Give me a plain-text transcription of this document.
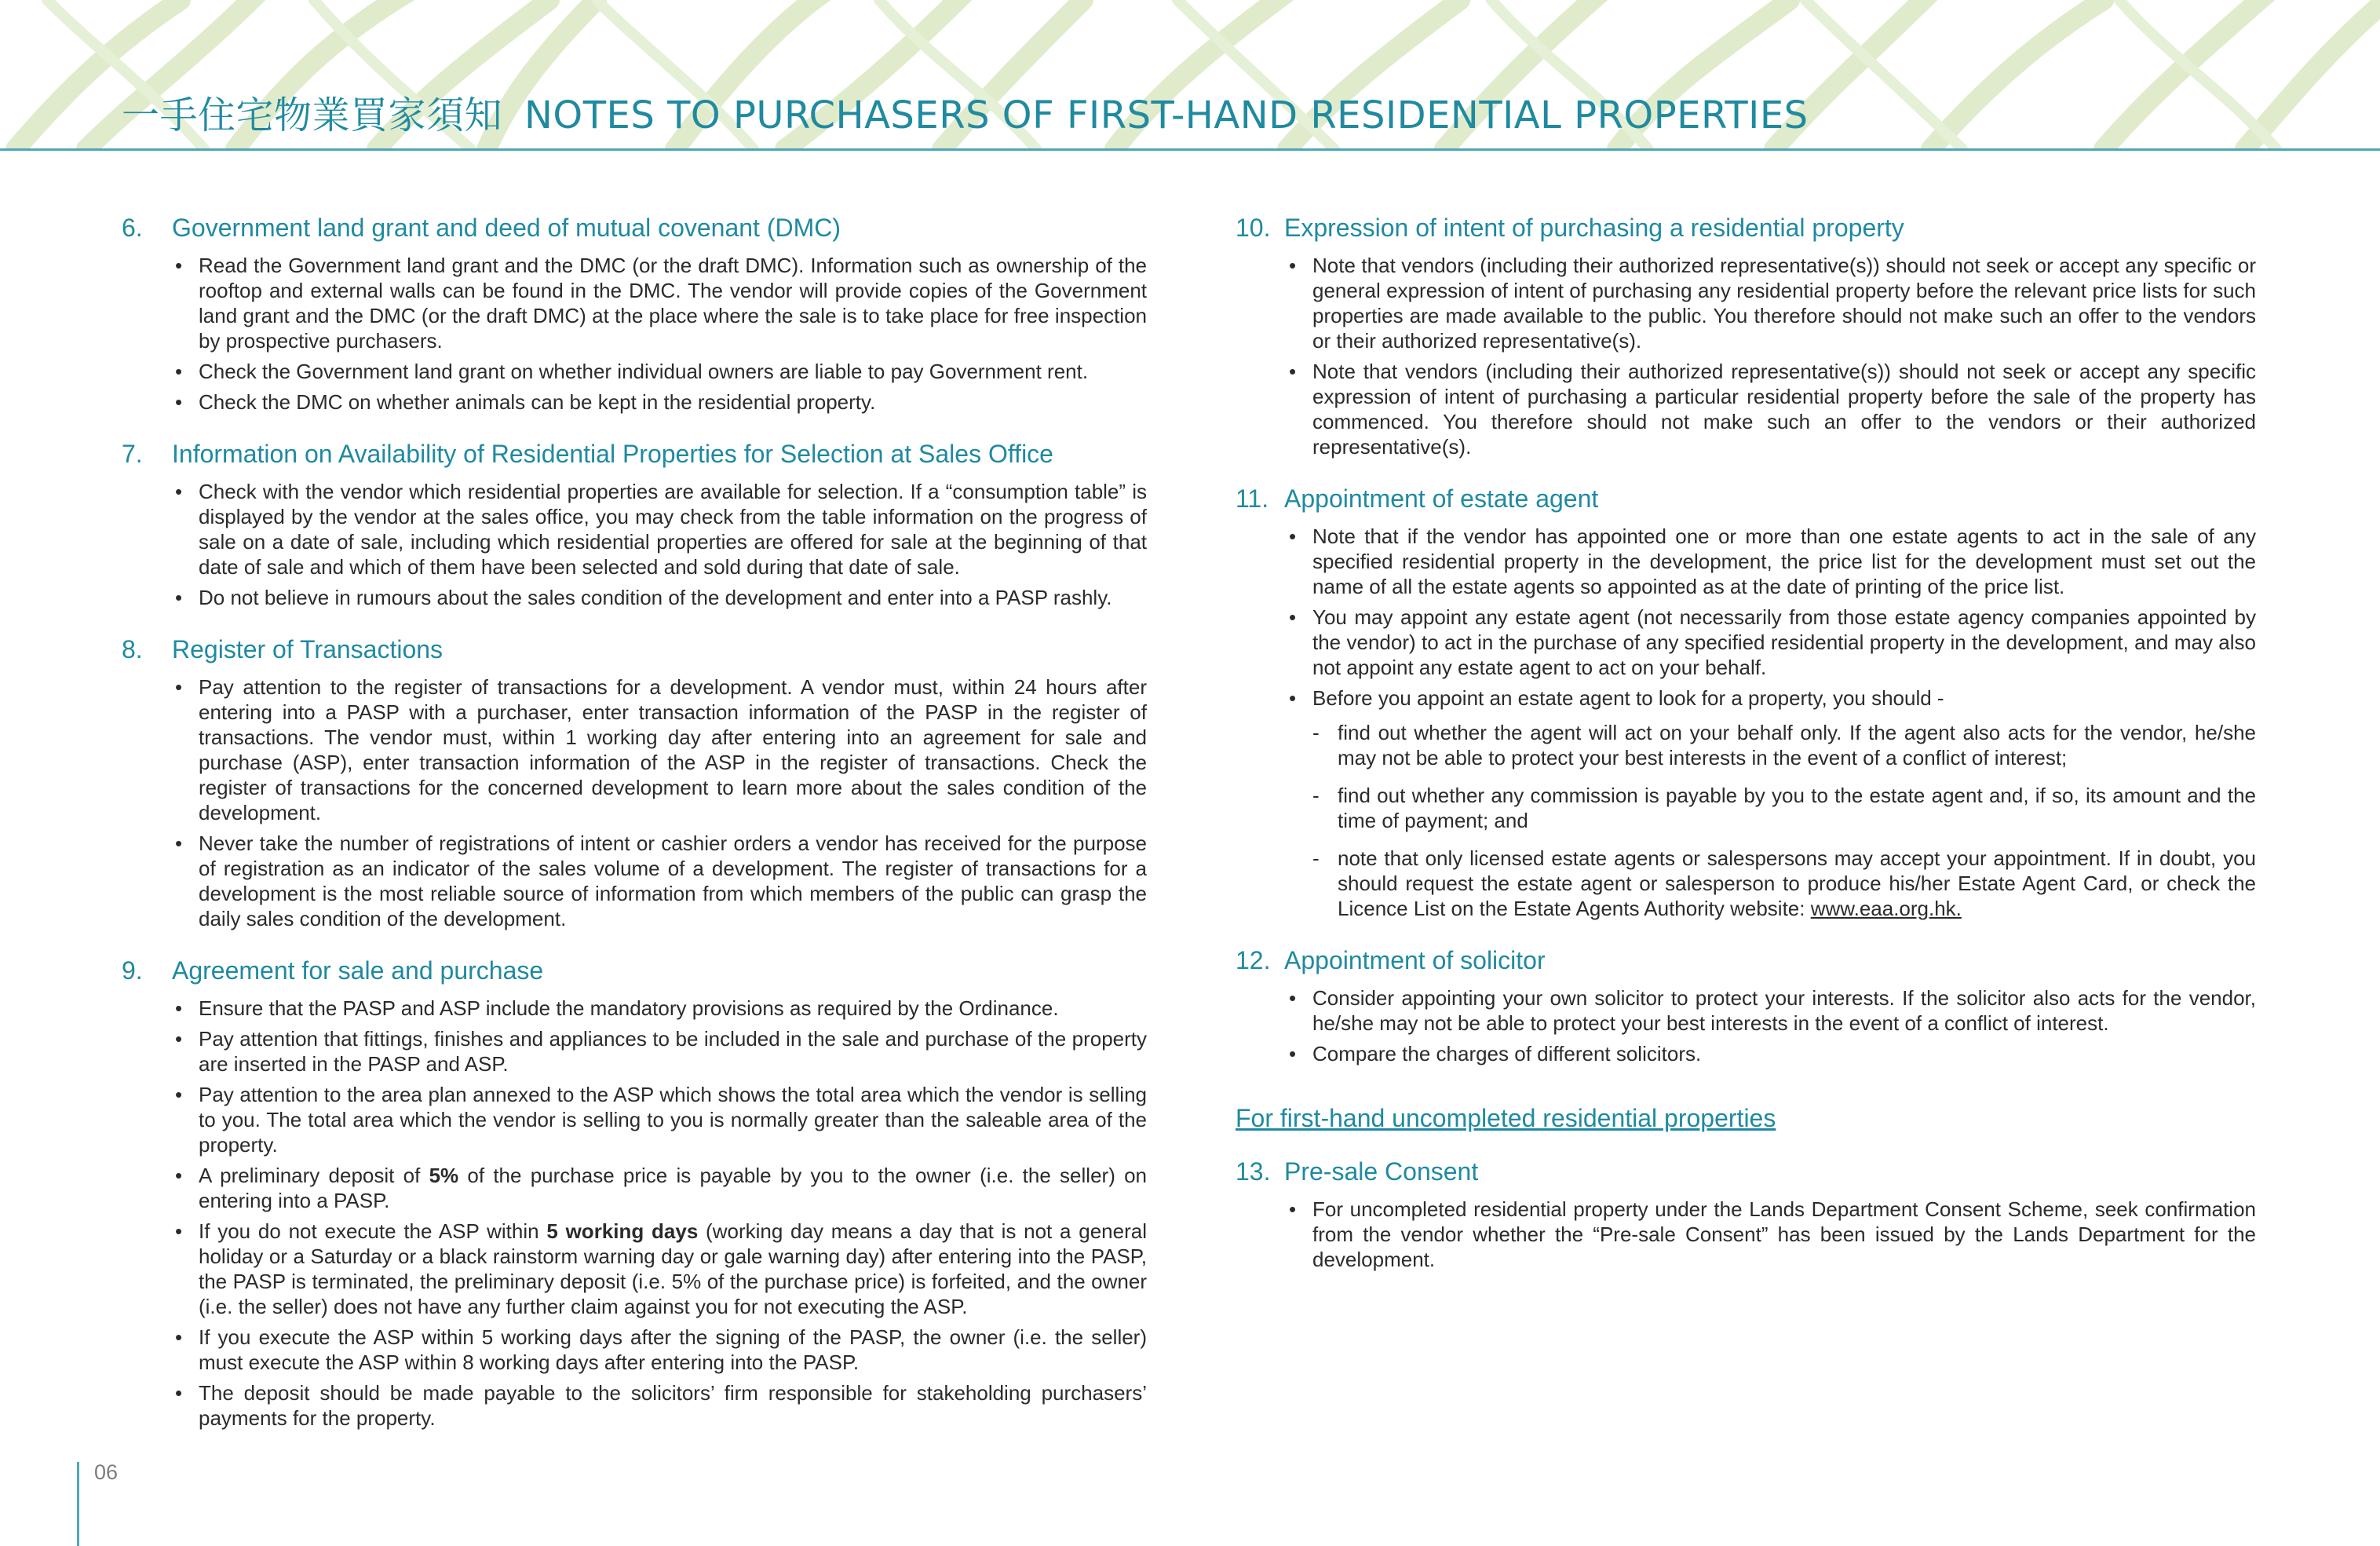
一手住宅物業買家須知 NOTES TO PURCHASERS OF FIRST-HAND RESIDENTIAL PROPERTIES
6. Government land grant and deed of mutual covenant (DMC)
• Read the Government land grant and the DMC (or the draft DMC). Information such as ownership of the rooftop and external walls can be found in the DMC. The vendor will provide copies of the Government land grant and the DMC (or the draft DMC) at the place where the sale is to take place for free inspection by prospective purchasers.
• Check the Government land grant on whether individual owners are liable to pay Government rent.
• Check the DMC on whether animals can be kept in the residential property.
7. Information on Availability of Residential Properties for Selection at Sales Office
• Check with the vendor which residential properties are available for selection. If a “consumption table” is displayed by the vendor at the sales office, you may check from the table information on the progress of sale on a date of sale, including which residential properties are offered for sale at the beginning of that date of sale and which of them have been selected and sold during that date of sale.
• Do not believe in rumours about the sales condition of the development and enter into a PASP rashly.
8. Register of Transactions
• Pay attention to the register of transactions for a development. A vendor must, within 24 hours after entering into a PASP with a purchaser, enter transaction information of the PASP in the register of transactions. The vendor must, within 1 working day after entering into an agreement for sale and purchase (ASP), enter transaction information of the ASP in the register of transactions. Check the register of transactions for the concerned development to learn more about the sales condition of the development.
• Never take the number of registrations of intent or cashier orders a vendor has received for the purpose of registration as an indicator of the sales volume of a development. The register of transactions for a development is the most reliable source of information from which members of the public can grasp the daily sales condition of the development.
9. Agreement for sale and purchase
• Ensure that the PASP and ASP include the mandatory provisions as required by the Ordinance.
• Pay attention that fittings, finishes and appliances to be included in the sale and purchase of the property are inserted in the PASP and ASP.
• Pay attention to the area plan annexed to the ASP which shows the total area which the vendor is selling to you. The total area which the vendor is selling to you is normally greater than the saleable area of the property.
• A preliminary deposit of 5% of the purchase price is payable by you to the owner (i.e. the seller) on entering into a PASP.
• If you do not execute the ASP within 5 working days (working day means a day that is not a general holiday or a Saturday or a black rainstorm warning day or gale warning day) after entering into the PASP, the PASP is terminated, the preliminary deposit (i.e. 5% of the purchase price) is forfeited, and the owner (i.e. the seller) does not have any further claim against you for not executing the ASP.
• If you execute the ASP within 5 working days after the signing of the PASP, the owner (i.e. the seller) must execute the ASP within 8 working days after entering into the PASP.
• The deposit should be made payable to the solicitors’ firm responsible for stakeholding purchasers’ payments for the property.
10. Expression of intent of purchasing a residential property
• Note that vendors (including their authorized representative(s)) should not seek or accept any specific or general expression of intent of purchasing any residential property before the relevant price lists for such properties are made available to the public. You therefore should not make such an offer to the vendors or their authorized representative(s).
• Note that vendors (including their authorized representative(s)) should not seek or accept any specific expression of intent of purchasing a particular residential property before the sale of the property has commenced. You therefore should not make such an offer to the vendors or their authorized representative(s).
11. Appointment of estate agent
• Note that if the vendor has appointed one or more than one estate agents to act in the sale of any specified residential property in the development, the price list for the development must set out the name of all the estate agents so appointed as at the date of printing of the price list.
• You may appoint any estate agent (not necessarily from those estate agency companies appointed by the vendor) to act in the purchase of any specified residential property in the development, and may also not appoint any estate agent to act on your behalf.
• Before you appoint an estate agent to look for a property, you should -
- find out whether the agent will act on your behalf only. If the agent also acts for the vendor, he/she may not be able to protect your best interests in the event of a conflict of interest;
- find out whether any commission is payable by you to the estate agent and, if so, its amount and the time of payment; and
- note that only licensed estate agents or salespersons may accept your appointment. If in doubt, you should request the estate agent or salesperson to produce his/her Estate Agent Card, or check the Licence List on the Estate Agents Authority website: www.eaa.org.hk.
12. Appointment of solicitor
• Consider appointing your own solicitor to protect your interests. If the solicitor also acts for the vendor, he/she may not be able to protect your best interests in the event of a conflict of interest.
• Compare the charges of different solicitors.
For first-hand uncompleted residential properties
13. Pre-sale Consent
• For uncompleted residential property under the Lands Department Consent Scheme, seek confirmation from the vendor whether the “Pre-sale Consent” has been issued by the Lands Department for the development.
06
